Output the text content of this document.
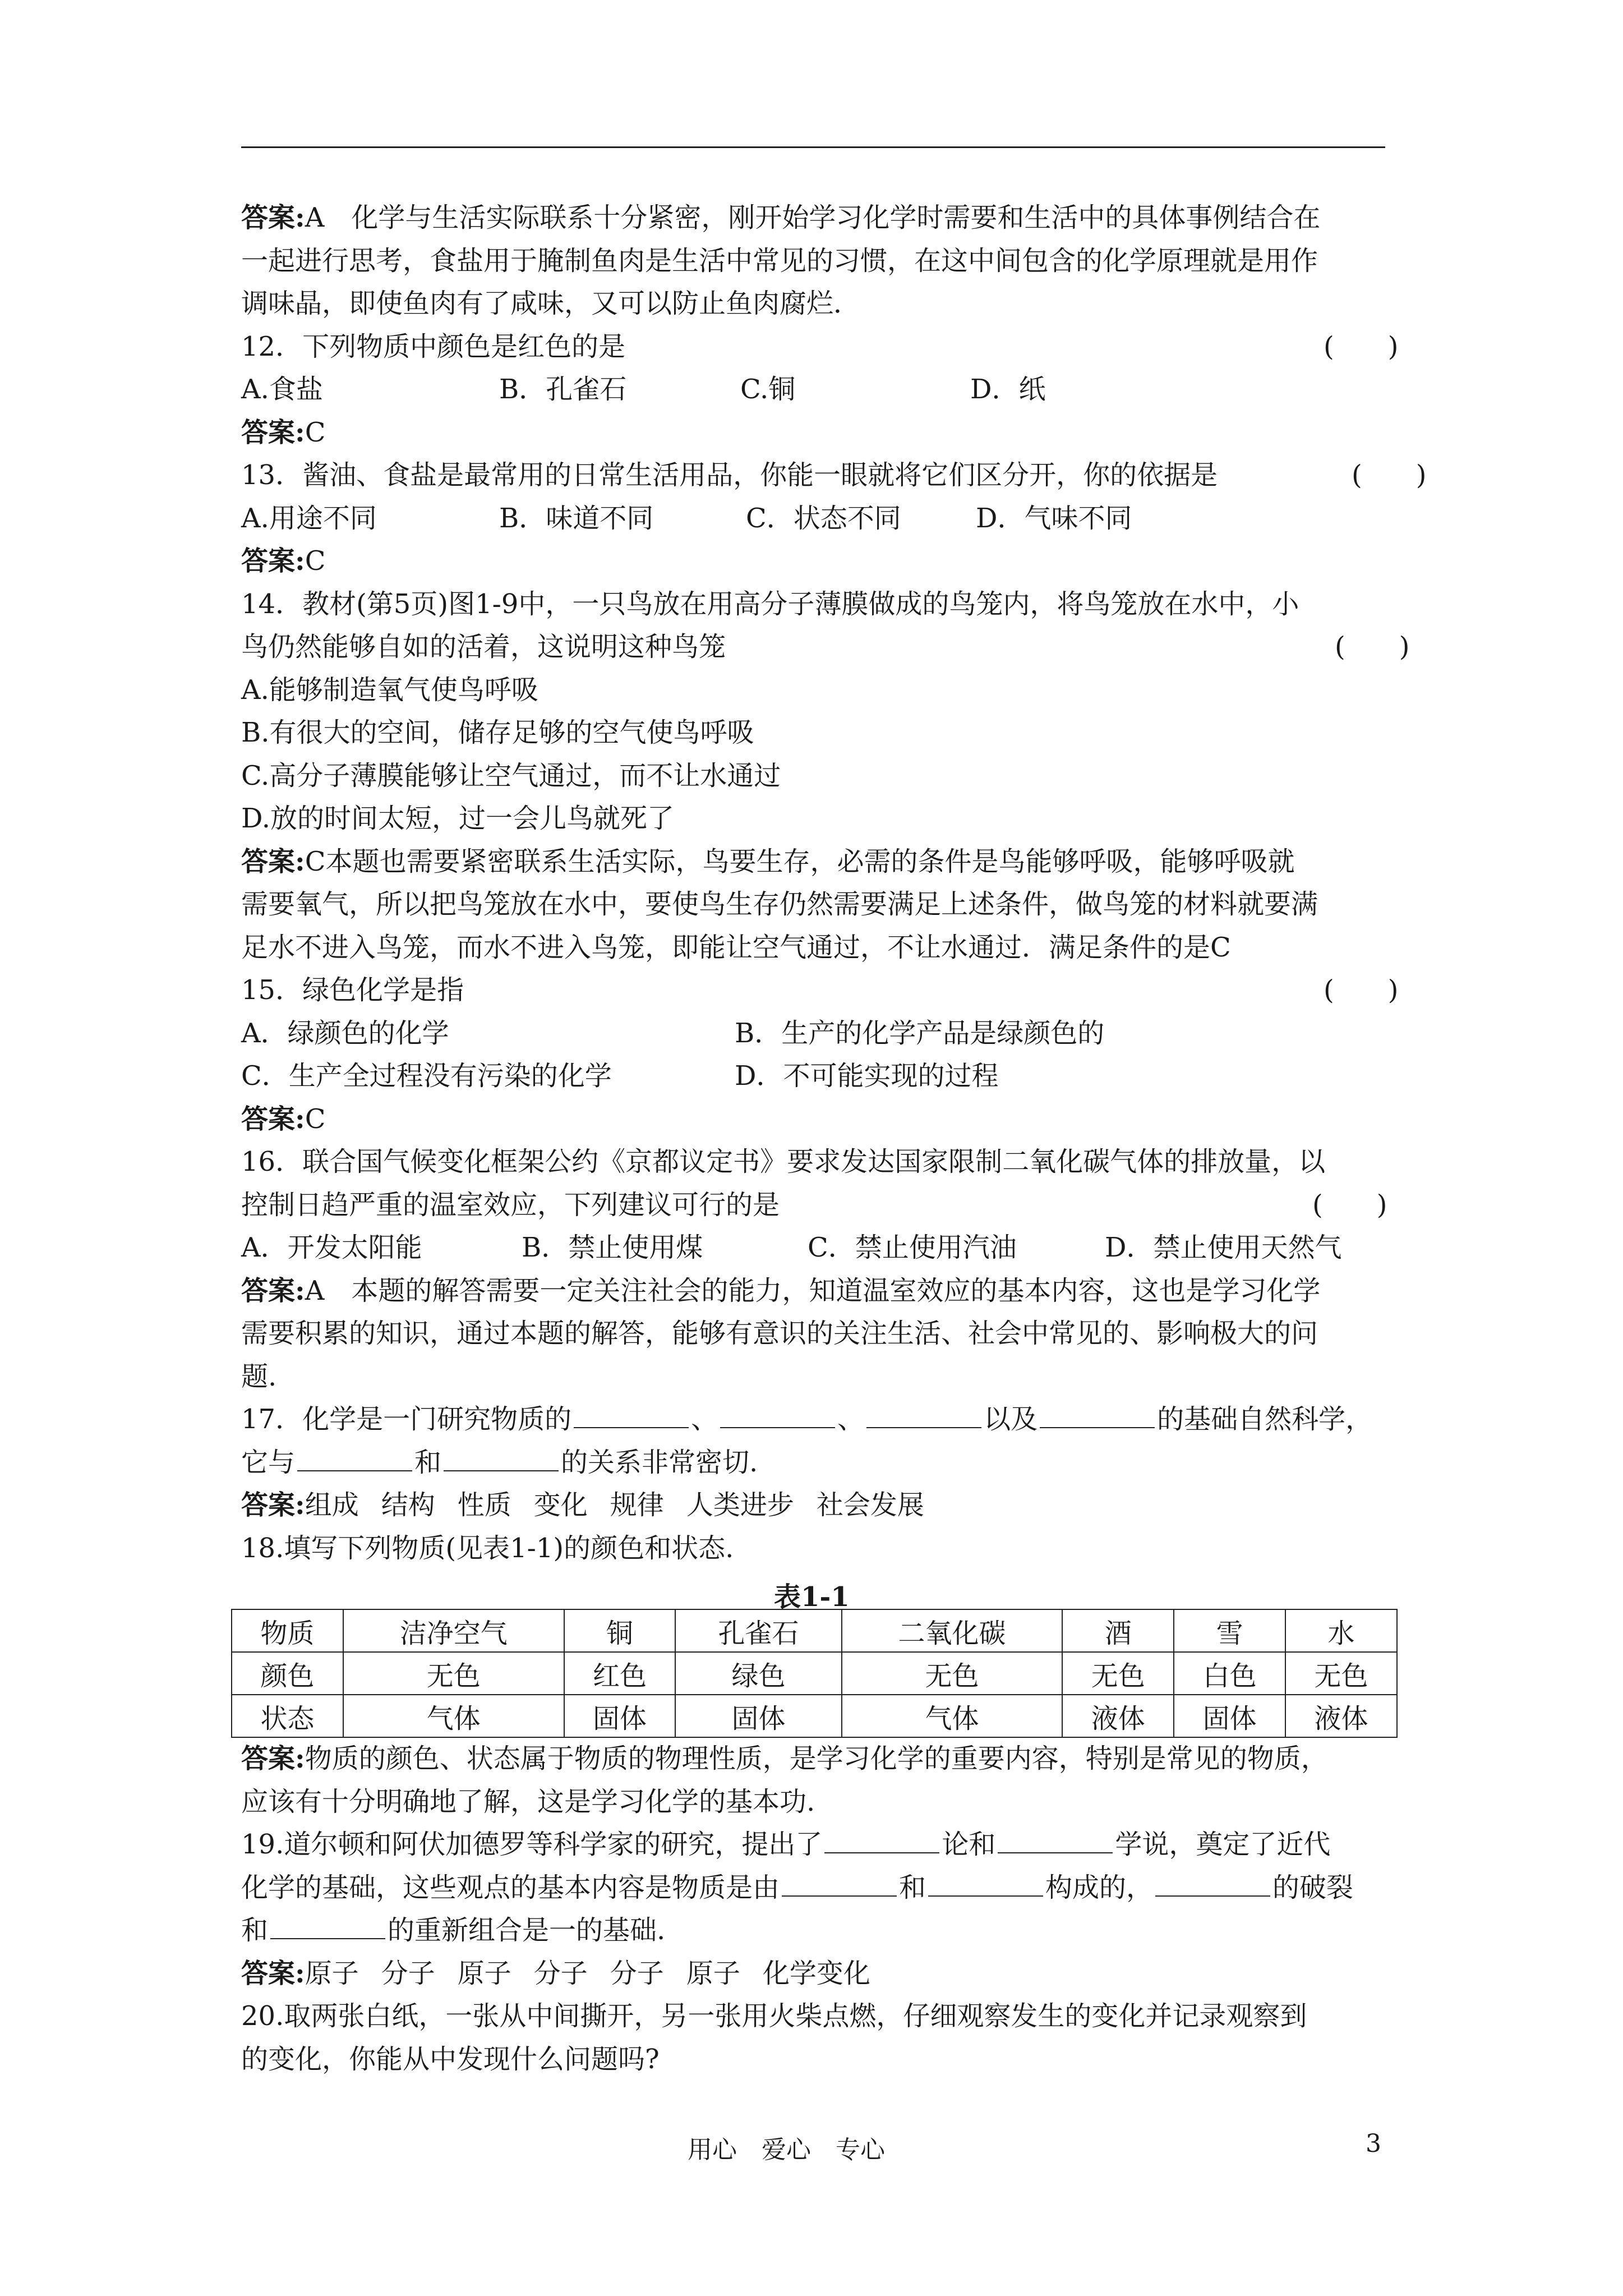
答案:A　化学与生活实际联系十分紧密，刚开始学习化学时需要和生活中的具体事例结合在
一起进行思考，食盐用于腌制鱼肉是生活中常见的习惯，在这中间包含的化学原理就是用作
调味晶，即使鱼肉有了咸味，又可以防止鱼肉腐烂．
12．下列物质中颜色是红色的是	(　　)
A.食盐	B．孔雀石	C.铜	D．纸
答案:C
13．酱油、食盐是最常用的日常生活用品，你能一眼就将它们区分开，你的依据是	(　　)
A.用途不同	B．味道不同	C．状态不同	D．气味不同
答案:C
14．教材(第5页)图1-9中，一只鸟放在用高分子薄膜做成的鸟笼内，将鸟笼放在水中，小
鸟仍然能够自如的活着，这说明这种鸟笼	(　　)
A.能够制造氧气使鸟呼吸
B.有很大的空间，储存足够的空气使鸟呼吸
C.高分子薄膜能够让空气通过，而不让水通过
D.放的时间太短，过一会儿鸟就死了
答案:C本题也需要紧密联系生活实际，鸟要生存，必需的条件是鸟能够呼吸，能够呼吸就
需要氧气，所以把鸟笼放在水中，要使鸟生存仍然需要满足上述条件，做鸟笼的材料就要满
足水不进入鸟笼，而水不进入鸟笼，即能让空气通过，不让水通过．满足条件的是C
15．绿色化学是指	(　　)
A．绿颜色的化学	B．生产的化学产品是绿颜色的
C．生产全过程没有污染的化学	D．不可能实现的过程
答案:C
16．联合国气候变化框架公约《京都议定书》要求发达国家限制二氧化碳气体的排放量，以
控制日趋严重的温室效应，下列建议可行的是	(　　)
A．开发太阳能	B．禁止使用煤	C．禁止使用汽油	D．禁止使用天然气
答案:A　本题的解答需要一定关注社会的能力，知道温室效应的基本内容，这也是学习化学
需要积累的知识，通过本题的解答，能够有意识的关注生活、社会中常见的、影响极大的问
题.
17．化学是一门研究物质的	、	、	以及	的基础自然科学，
它与	和	的关系非常密切.
答案:组成 结构 性质 变化 规律 人类进步 社会发展
18.填写下列物质(见表1-1)的颜色和状态.
表1-1
物质	洁净空气	铜	孔雀石	二氧化碳	酒	雪	水
颜色	无色	红色	绿色	无色	无色	白色	无色
状态	气体	固体	固体	气体	液体	固体	液体
答案:物质的颜色、状态属于物质的物理性质，是学习化学的重要内容，特别是常见的物质，
应该有十分明确地了解，这是学习化学的基本功.
19.道尔顿和阿伏加德罗等科学家的研究，提出了	论和	学说，奠定了近代
化学的基础，这些观点的基本内容是物质是由	和	构成的，	的破裂
和	的重新组合是一的基础.
答案:原子 分子 原子 分子 分子 原子 化学变化
20.取两张白纸，一张从中间撕开，另一张用火柴点燃，仔细观察发生的变化并记录观察到
的变化，你能从中发现什么问题吗?
用心　爱心　专心	3
